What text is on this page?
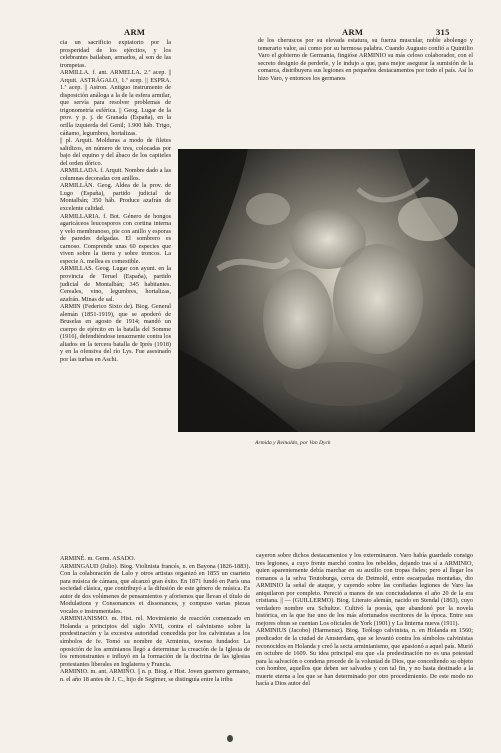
ARM	ARM	315

cia un sacrificio expiatorio por la prosperidad de los ejércitos, y los celebrantes bailaban, armados, al son de las trompetas.

ARMILLA. f. ant. ARMELLA. 2.ª acep. || Arquit. ASTRÁGALO, 1.ª acep. || ESPRA. 1.ª acep. || Astron. Antiguo instrumento de disposición análoga a la de la esfera armilar, que servía para resolver problemas de trigonometría esférica. || Geog. Lugar de la prov. y p. j. de Granada (España), en la orilla izquierda del Genil; 1.900 háb. Trigo, cáñamo, legumbres, hortalizas.

|| pl. Arquit. Molduras a modo de filetes salidizos, en número de tres, colocadas por bajo del equino y del ábaco de los capiteles del orden dórico.

ARMILLADA. f. Arquit. Nombre dado a las columnas decoradas con anillos.

ARMILLÁN. Geog. Aldea de la prov. de Lugo (España), partido judicial de Montalbán; 350 háb. Produce azafrán de excelente calidad.

ARMILLARIA. f. Bot. Género de hongos agaricáceos leucosporos con cortina interna y velo membranoso, pie con anillo y esporas de paredes delgadas. El sombrero es carnoso. Comprende unas 60 especies que viven sobre la tierra y sobre troncos. La especie A. mellea es comestible.

ARMILLAS. Geog. Lugar con ayunt. en la provincia de Teruel (España), partido judicial de Montalbán; 345 habitantes. Cereales, vino, legumbres, hortalizas, azafrán. Minas de sal.

ARMIN (Federico Sixto de). Biog. General alemán (1851-1919), que se apoderó de Bruselas en agosto de 1914; mandó un cuerpo de ejército en la batalla del Somme (1916), defendiéndose tenazmente contra los aliados en la tercera batalla de Iprés (1918) y en la ofensiva del río Lys. Fue asesinado por las turbas en Aschi.

de los cheruscos por su elevada estatura, su fuerza muscular, noble abolengo y temerario valor, así como por su hermosa palabra. Cuando Augusto confió a Quintilio Varo el gobierno de Germania, fingióse ARMINIO su más celoso colaborador, con el secreto designio de perderle, y le indujo a que, para mejor asegurar la sumisión de la comarca, distribuyera sus legiones en pequeños destacamentos por todo el país. Así lo hizo Varo, y entonces los germanos

Armida y Reinaldo, por Van Dyck

ARMINÉ. m. Germ. ASADO.

ARMINGAUD (Julio). Biog. Violinista francés, n. en Bayona (1826-1883). Con la colaboración de Lalo y otros artistas organizó en 1855 un cuarteto para música de cámara, que alcanzó gran éxito. En 1871 fundó en París una sociedad clásica, que contribuyó a la difusión de este género de música. Es autor de dos volúmenes de pensamientos y aforismos que llevan el título de Modulations y Consonances et dissonances, y compuso varias piezas vocales e instrumentales.

ARMINIANISMO. m. Hist. rel. Movimiento de reacción comenzado en Holanda a principios del siglo XVII, contra el calvinismo sobre la predestinación y la excesiva autoridad concedida por los calvinistas a los símbolos de fe. Tomó su nombre de Arminius, townso fundador. La oposición de los arminianos llegó a determinar la creación de la Iglesia de los remonstrantes e influyó en la formación de la doctrina de las iglesias protestantes liberales en Inglaterra y Francia.

ARMINIO. m. ant. ARMIÑO. || n. p. Biog. e Hist. Joven guerrero germano, n. el año 18 antes de J. C., hijo de Segimer, se distinguía entre la tribu

cayeron sobre dichos destacamentos y los exterminaron. Varo había guardado consigo tres legiones, a cuyo frente marchó contra los rebeldes, dejando tras sí a ARMINIO, quien aparentemente debía marchar en su auxilio con tropas fieles; pero al llegar los romanos a la selva Teutoburga, cerca de Detmold, entre escarpadas montañas, dio ARMINIO la señal de ataque, y cayendo sobre las confiadas legiones de Varo las aniquilaron por completo. Pereció a manos de sus conciudadanos el año 20 de la era cristiana. || — (GUILLERMO). Biog. Literato alemán, nacido en Stendal (1863), cuyo verdadero nombre era Schultze. Cultivó la poesía, que abandonó por la novela histórica, en la que fue uno de los más afortunados escritores de la época. Entre sus mejores obras se cuentan Los oficiales de York (1901) y La linterna nueva (1911).

ARMINIUS (Jacobo) (Harmensz). Biog. Teólogo calvinista, n. en Holanda en 1560; predicador de la ciudad de Amsterdam, que se levantó contra los símbolos calvinistas reconocidos en Holanda y creó la secta arminianismo, que apasionó a aquel país. Murió en octubre de 1609. Su idea principal era que «la predestinación no es una potestad para la salvación o condena procede de la voluntad de Dios, que concediendo su objeto con hombre, aquellos que deben ser salvados y con tal fin, y no basta destinado a la muerte eterna a los que se han determinado por otro procedimiento. De este modo no hacía a Dios autor del
